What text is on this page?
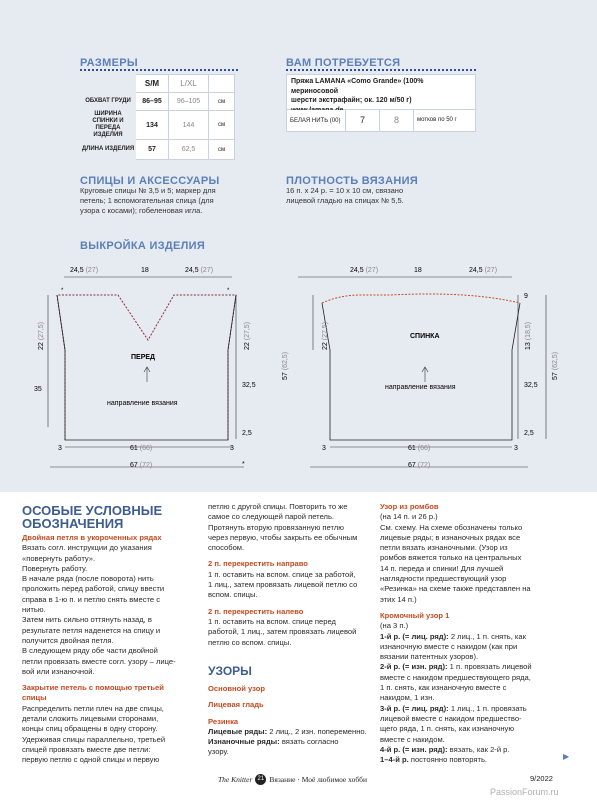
РАЗМЕРЫ
	S/M	L/XL	
ОБХВАТ ГРУДИ	86–95	96–105	см
ШИРИНА СПИНКИ И ПЕРЕДА ИЗДЕЛИЯ	134	144	см
ДЛИНА ИЗДЕЛИЯ	57	62,5	см
ВАМ ПОТРЕБУЕТСЯ
Пряжа LAMANA «Como Grande» (100% мериносовой
шерсти экстрафайн; ок. 120 м/50 г)
БЕЛАЯ НИТЬ (00)	7	8	мотков по 50 г
СПИЦЫ И АКСЕССУАРЫ
Круговые спицы № 3,5 и 5; маркер для
петель; 1 вспомогательная спица (для
узора с косами); гобеленовая игла.
ПЛОТНОСТЬ ВЯЗАНИЯ
16 п. х 24 р. = 10 х 10 см, связано
лицевой гладью на спицах № 5,5.
ВЫКРОЙКА ИЗДЕЛИЯ
24,5 (27)	18	24,5 (27)
22 (27,5)
22 (27,5)
35
32,5
2,5
3	3
61 (66)
67 (72)	*
*	*
ПЕРЕД
направление вязания
57 (62,5)
24,5 (27)	18	24,5 (27)
9
13 (18,5)
57 (62,5)
22 (27,5)
32,5
2,5
3	3
61 (66)
67 (72)
СПИНКА
направление вязания
ОСОБЫЕ УСЛОВНЫЕ
ОБОЗНАЧЕНИЯ
Двойная петля в укороченных рядах
Вязать согл. инструкции до указания
«повернуть работу».
Повернуть работу.
В начале ряда (после поворота) нить
проложить перед работой, спицу ввести
справа в 1-ю п. и петлю снять вместе с
нитью.
Затем нить сильно оттянуть назад, в
результате петля наденется на спицу и
получится двойная петля.
В следующем ряду обе части двойной
петли провязать вместе согл. узору – лице-
вой или изнаночной.
Закрытие петель с помощью третьей
спицы
Распределить петли плеч на две спицы,
детали сложить лицевыми сторонами,
концы спиц обращены в одну сторону.
Удерживая спицы параллельно, третьей
спицей провязать вместе две петли:
первую петлю с одной спицы и первую
петлю с другой спицы. Повторить то же
самое со следующей парой петель.
Протянуть вторую провязанную петлю
через первую, чтобы закрыть ее обычным
способом.
2 п. перекрестить направо
1 п. оставить на вспом. спице за работой,
1 лиц., затем провязать лицевой петлю со
вспом. спицы.
2 п. перекрестить налево
1 п. оставить на вспом. спице перед
работой, 1 лиц., затем провязать лицевой
петлю со вспом. спицы.
УЗОРЫ
Основной узор
Лицевая гладь
Резинка
Лицевые ряды: 2 лиц., 2 изн. попеременно.
Изнаночные ряды: вязать согласно
узору.
Узор из ромбов
(на 14 п. и 26 р.)
См. схему. На схеме обозначены только
лицевые ряды; в изнаночных рядах все
петли вязать изнаночными. (Узор из
ромбов вяжется только на центральных
14 п. переда и спинки! Для лучшей
наглядности предшествующий узор
«Резинка» на схеме также представлен на
этих 14 п.)
Кромочный узор 1
(на 3 п.)
1-й р. (= лиц. ряд): 2 лиц., 1 п. снять, как
изнаночную вместе с накидом (как при
вязании патентных узоров).
2-й р. (= изн. ряд): 1 п. провязать лицевой
вместе с накидом предшествующего ряда,
1 п. снять, как изнаночную вместе с
накидом, 1 изн.
3-й р. (= лиц. ряд): 1 лиц., 1 п. провязать
лицевой вместе с накидом предшество-
щего ряда, 1 п. снять, как изнаночную
вместе с накидом.
4-й р. (= изн. ряд): вязать, как 2-й р.
1–4-й р. постоянно повторять.	▶
The Knitter 21 Вязание · Моё любимое хобби	9/2022
PassionForum.ru
